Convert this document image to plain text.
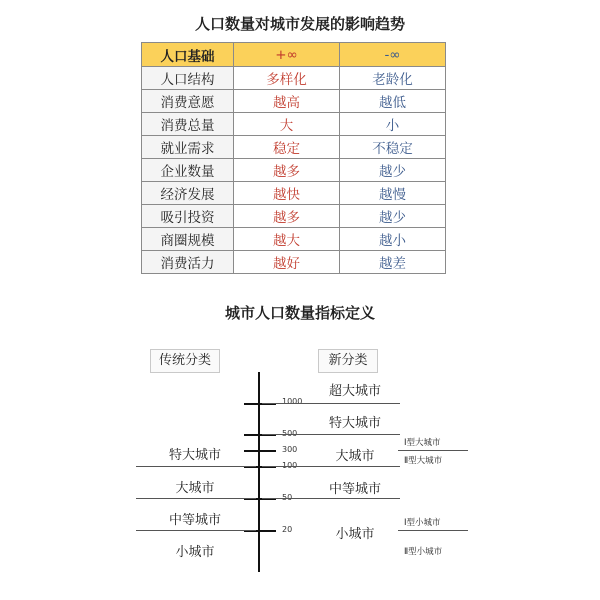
人口数量对城市发展的影响趋势
人口基础	+∞	-∞
人口结构	多样化	老龄化
消费意愿	越高	越低
消费总量	大	小
就业需求	稳定	不稳定
企业数量	越多	越少
经济发展	越快	越慢
吸引投资	越多	越少
商圈规模	越大	越小
消费活力	越好	越差
城市人口数量指标定义
传统分类	新分类
1000
500
300
100
50
20
特大城市
大城市
中等城市
小城市
超大城市
特大城市
大城市
中等城市
小城市
Ⅰ型大城市
Ⅱ型大城市
Ⅰ型小城市
Ⅱ型小城市
